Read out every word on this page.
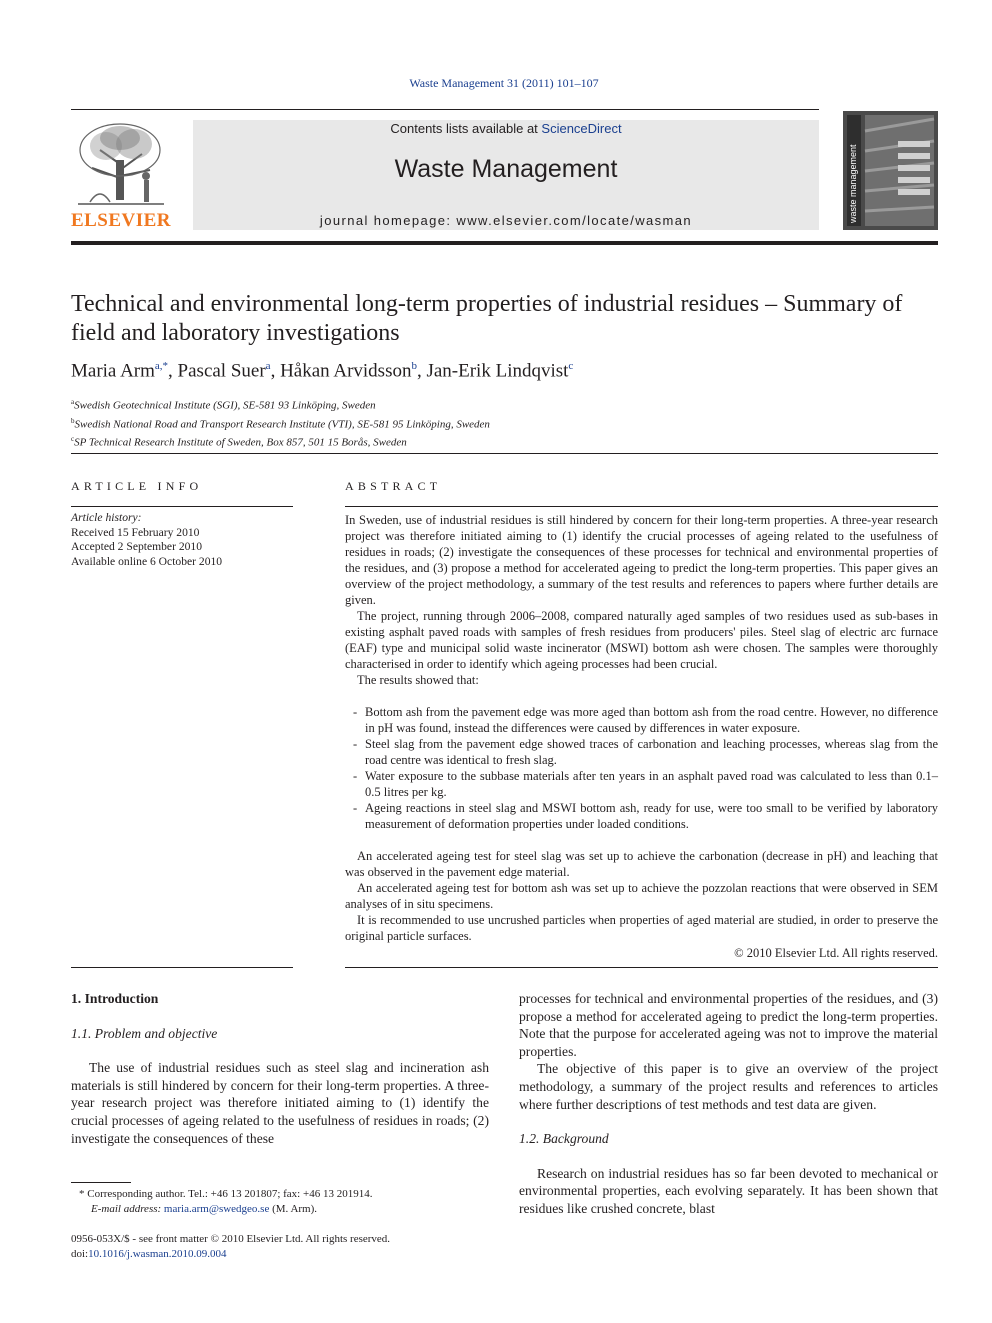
Waste Management 31 (2011) 101–107
ELSEVIER
Contents lists available at ScienceDirect
Waste Management
journal homepage: www.elsevier.com/locate/wasman	waste management
Technical and environmental long-term properties of industrial residues – Summary of field and laboratory investigations
Maria Arm$^{a,*}$, Pascal Suer$^a$, Håkan Arvidsson$^b$, Jan-Erik Lindqvist$^c$
$^a$Swedish Geotechnical Institute (SGI), SE-581 93 Linköping, Sweden
$^b$Swedish National Road and Transport Research Institute (VTI), SE-581 95 Linköping, Sweden
$^c$SP Technical Research Institute of Sweden, Box 857, 501 15 Borås, Sweden
ARTICLE INFO
Article history:
Received 15 February 2010
Accepted 2 September 2010
Available online 6 October 2010
ABSTRACT

In Sweden, use of industrial residues is still hindered by concern for their long-term properties. A three-year research project was therefore initiated aiming to (1) identify the crucial processes of ageing related to the usefulness of residues in roads; (2) investigate the consequences of these processes for technical and environmental properties of the residues, and (3) propose a method for accelerated ageing to predict the long-term properties. This paper gives an overview of the project methodology, a summary of the test results and references to papers where further details are given.

The project, running through 2006–2008, compared naturally aged samples of two residues used as sub-bases in existing asphalt paved roads with samples of fresh residues from producers' piles. Steel slag of electric arc furnace (EAF) type and municipal solid waste incinerator (MSWI) bottom ash were chosen. The samples were thoroughly characterised in order to identify which ageing processes had been crucial.

The results showed that:

- Bottom ash from the pavement edge was more aged than bottom ash from the road centre. However, no difference in pH was found, instead the differences were caused by differences in water exposure.
- Steel slag from the pavement edge showed traces of carbonation and leaching processes, whereas slag from the road centre was identical to fresh slag.
- Water exposure to the subbase materials after ten years in an asphalt paved road was calculated to less than 0.1–0.5 litres per kg.
- Ageing reactions in steel slag and MSWI bottom ash, ready for use, were too small to be verified by laboratory measurement of deformation properties under loaded conditions.

An accelerated ageing test for steel slag was set up to achieve the carbonation (decrease in pH) and leaching that was observed in the pavement edge material.

An accelerated ageing test for bottom ash was set up to achieve the pozzolan reactions that were observed in SEM analyses of in situ specimens.

It is recommended to use uncrushed particles when properties of aged material are studied, in order to preserve the original particle surfaces.

© 2010 Elsevier Ltd. All rights reserved.
1. Introduction
1.1. Problem and objective

The use of industrial residues such as steel slag and incineration ash materials is still hindered by concern for their long-term properties. A three-year research project was therefore initiated aiming to (1) identify the crucial processes of ageing related to the usefulness of residues in roads; (2) investigate the consequences of these

processes for technical and environmental properties of the residues, and (3) propose a method for accelerated ageing to predict the long-term properties. Note that the purpose for accelerated ageing was not to improve the material properties.

The objective of this paper is to give an overview of the project methodology, a summary of the project results and references to articles where further descriptions of test methods and test data are given.

1.2. Background

Research on industrial residues has so far been devoted to mechanical or environmental properties, each evolving separately. It has been shown that residues like crushed concrete, blast

* Corresponding author. Tel.: +46 13 201807; fax: +46 13 201914.
E-mail address: maria.arm@swedgeo.se (M. Arm).
0956-053X/$ - see front matter © 2010 Elsevier Ltd. All rights reserved.
doi:10.1016/j.wasman.2010.09.004
